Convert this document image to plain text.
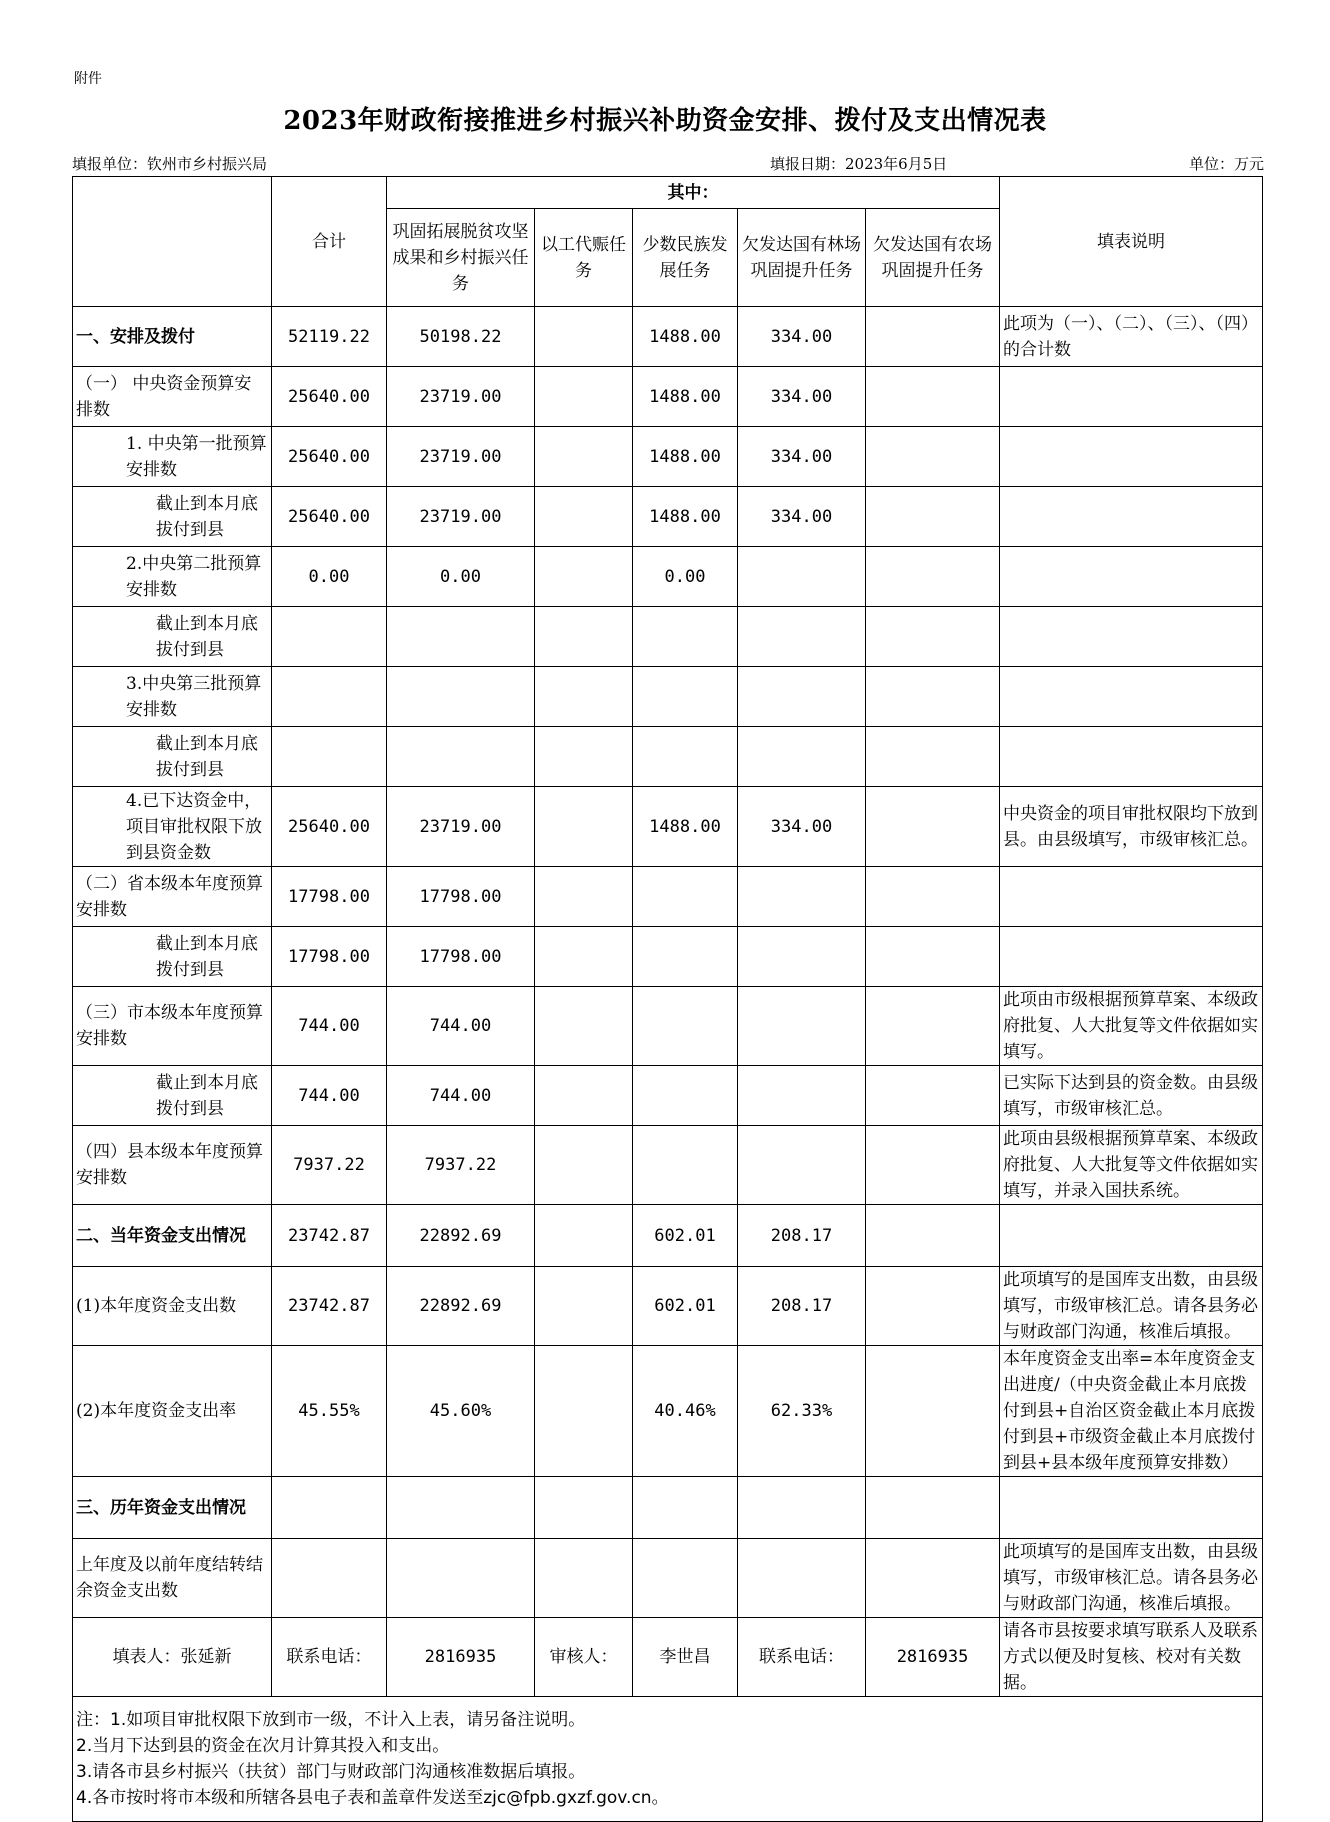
附件
2023年财政衔接推进乡村振兴补助资金安排、拨付及支出情况表
填报单位：钦州市乡村振兴局	填报日期：2023年6月5日	单位：万元
	合计	其中：					填表说明
		巩固拓展脱贫攻坚成果和乡村振兴任务	以工代赈任务	少数民族发展任务	欠发达国有林场巩固提升任务	欠发达国有农场巩固提升任务	
一、安排及拨付	52119.22	50198.22		1488.00	334.00		此项为（一）、（二）、（三）、（四）的合计数
（一） 中央资金预算安排数	25640.00	23719.00		1488.00	334.00		

1. 中央第一批预算安排数	25640.00	23719.00		1488.00	334.00		

截止到本月底拔付到县	25640.00	23719.00		1488.00	334.00		

2.中央第二批预算安排数	0.00	0.00		0.00			

截止到本月底拔付到县							

3.中央第三批预算安排数							

截止到本月底拔付到县							

4.已下达资金中，项目审批权限下放到县资金数	25640.00	23719.00		1488.00	334.00		中央资金的项目审批权限均下放到县。由县级填写，市级审核汇总。
（二）省本级本年度预算安排数	17798.00	17798.00					

截止到本月底拨付到县	17798.00	17798.00					
（三）市本级本年度预算安排数	744.00	744.00					此项由市级根据预算草案、本级政府批复、人大批复等文件依据如实填写。

截止到本月底拨付到县	744.00	744.00					已实际下达到县的资金数。由县级填写，市级审核汇总。
（四）县本级本年度预算安排数	7937.22	7937.22					此项由县级根据预算草案、本级政府批复、人大批复等文件依据如实填写，并录入国扶系统。
二、当年资金支出情况	23742.87	22892.69		602.01	208.17		
(1)本年度资金支出数	23742.87	22892.69		602.01	208.17		此项填写的是国库支出数，由县级填写，市级审核汇总。请各县务必与财政部门沟通，核准后填报。
(2)本年度资金支出率	45.55%	45.60%		40.46%	62.33%		本年度资金支出率=本年度资金支出进度/（中央资金截止本月底拨付到县+自治区资金截止本月底拨付到县+市级资金截止本月底拨付到县+县本级年度预算安排数）
三、历年资金支出情况							
上年度及以前年度结转结余资金支出数							此项填写的是国库支出数，由县级填写，市级审核汇总。请各县务必与财政部门沟通，核准后填报。
填表人：张延新	联系电话：	2816935	审核人：	李世昌	联系电话：	2816935	请各市县按要求填写联系人及联系方式以便及时复核、校对有关数据。

注：1.如项目审批权限下放到市一级，不计入上表，请另备注说明。
2.当月下达到县的资金在次月计算其投入和支出。
3.请各市县乡村振兴（扶贫）部门与财政部门沟通核准数据后填报。
4.各市按时将市本级和所辖各县电子表和盖章件发送至zjc@fpb.gxzf.gov.cn。							
